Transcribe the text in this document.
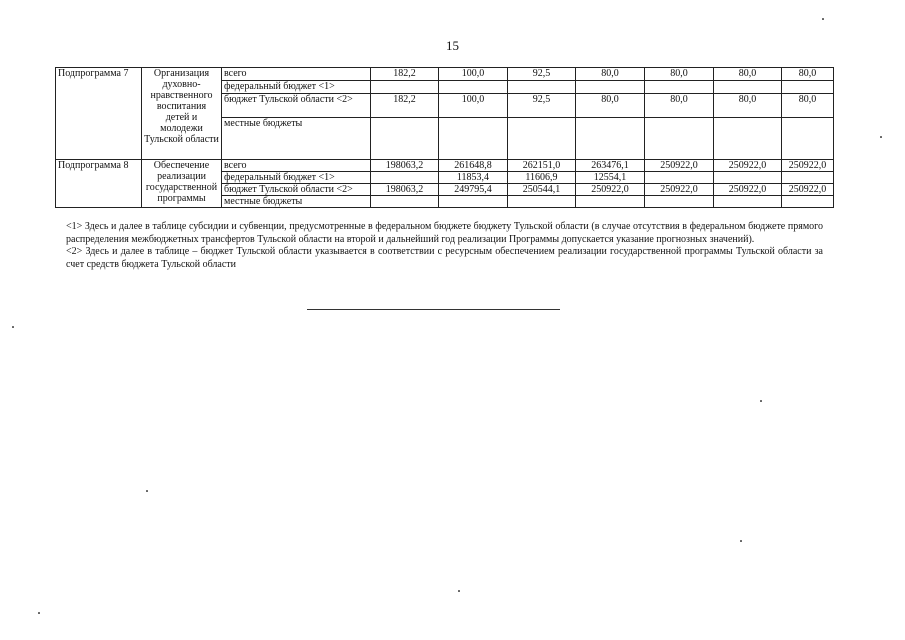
15
Подпрограмма 7	Организация духовно-нравственного воспитания детей и молодежи Тульской области	всего	182,2	100,0	92,5	80,0	80,0	80,0	80,0
		федеральный бюджет <1>							
		бюджет Тульской области <2>	182,2	100,0	92,5	80,0	80,0	80,0	80,0
		местные бюджеты							
Подпрограмма 8	Обеспечение реализации государственной программы	всего	198063,2	261648,8	262151,0	263476,1	250922,0	250922,0	250922,0
		федеральный бюджет <1>		11853,4	11606,9	12554,1			
		бюджет Тульской области <2>	198063,2	249795,4	250544,1	250922,0	250922,0	250922,0	250922,0
		местные бюджеты							

<1> Здесь и далее в таблице субсидии и субвенции, предусмотренные в федеральном бюджете бюджету Тульской области (в случае отсутствия в федеральном бюджете прямого распределения межбюджетных трансфертов Тульской области на второй и дальнейший год реализации Программы допускается указание прогнозных значений).

<2> Здесь и далее в таблице – бюджет Тульской области указывается в соответствии с ресурсным обеспечением реализации государственной программы Тульской области за счет средств бюджета Тульской области
